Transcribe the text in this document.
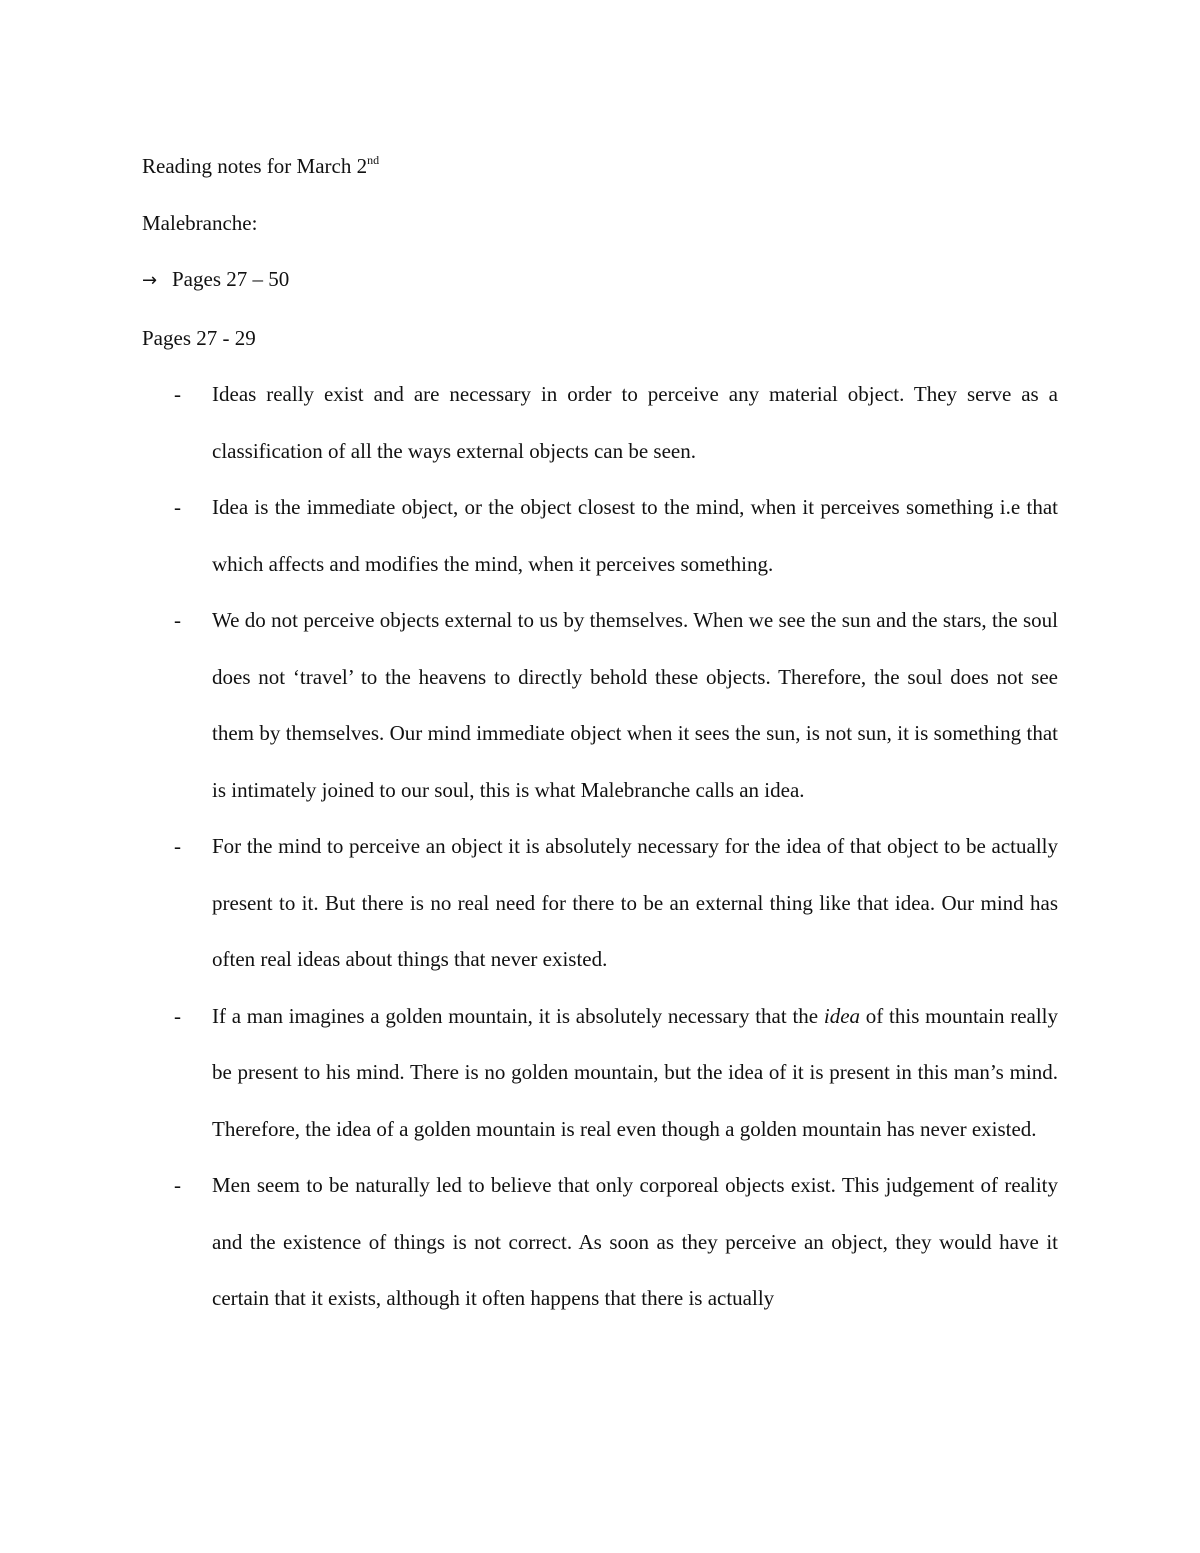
Reading notes for March 2nd

Malebranche:

→ Pages 27 – 50

Pages 27 - 29

- Ideas really exist and are necessary in order to perceive any material object. They serve as a classification of all the ways external objects can be seen.
- Idea is the immediate object, or the object closest to the mind, when it perceives something i.e that which affects and modifies the mind, when it perceives something.
- We do not perceive objects external to us by themselves. When we see the sun and the stars, the soul does not ‘travel’ to the heavens to directly behold these objects. Therefore, the soul does not see them by themselves. Our mind immediate object when it sees the sun, is not sun, it is something that is intimately joined to our soul, this is what Malebranche calls an idea.
- For the mind to perceive an object it is absolutely necessary for the idea of that object to be actually present to it. But there is no real need for there to be an external thing like that idea. Our mind has often real ideas about things that never existed.
- If a man imagines a golden mountain, it is absolutely necessary that the idea of this mountain really be present to his mind. There is no golden mountain, but the idea of it is present in this man’s mind. Therefore, the idea of a golden mountain is real even though a golden mountain has never existed.
- Men seem to be naturally led to believe that only corporeal objects exist. This judgement of reality and the existence of things is not correct. As soon as they perceive an object, they would have it certain that it exists, although it often happens that there is actually
